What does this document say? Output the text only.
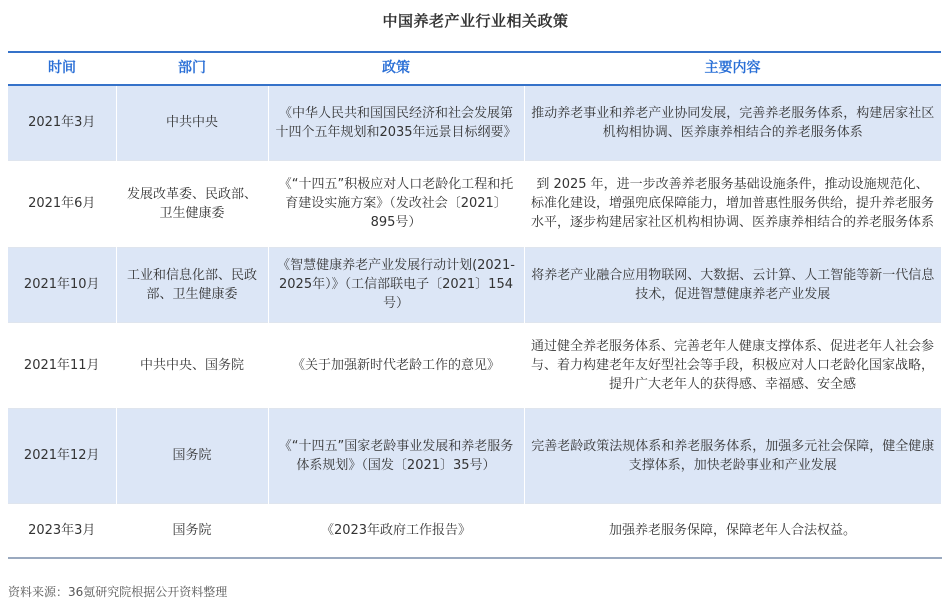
中国养老产业行业相关政策
时间	部门	政策	主要内容
2021年3月	中共中央	《中华人民共和国国民经济和社会发展第十四个五年规划和2035年远景目标纲要》	推动养老事业和养老产业协同发展，完善养老服务体系，构建居家社区机构相协调、医养康养相结合的养老服务体系
2021年6月	发展改革委、民政部、卫生健康委	《“十四五”积极应对人口老龄化工程和托育建设实施方案》（发改社会〔2021〕895号）	到 2025 年，进一步改善养老服务基础设施条件，推动设施规范化、标准化建设，增强兜底保障能力，增加普惠性服务供给，提升养老服务水平，逐步构建居家社区机构相协调、医养康养相结合的养老服务体系
2021年10月	工业和信息化部、民政部、卫生健康委	《智慧健康养老产业发展行动计划(2021-2025年）》（工信部联电子〔2021〕154号）	将养老产业融合应用物联网、大数据、云计算、人工智能等新一代信息技术，促进智慧健康养老产业发展
2021年11月	中共中央、国务院	《关于加强新时代老龄工作的意见》	通过健全养老服务体系、完善老年人健康支撑体系、促进老年人社会参与、着力构建老年友好型社会等手段，积极应对人口老龄化国家战略，提升广大老年人的获得感、幸福感、安全感
2021年12月	国务院	《“十四五”国家老龄事业发展和养老服务体系规划》（国发〔2021〕35号）	完善老龄政策法规体系和养老服务体系，加强多元社会保障，健全健康支撑体系，加快老龄事业和产业发展
2023年3月	国务院	《2023年政府工作报告》	加强养老服务保障，保障老年人合法权益。
资料来源：36氪研究院根据公开资料整理
